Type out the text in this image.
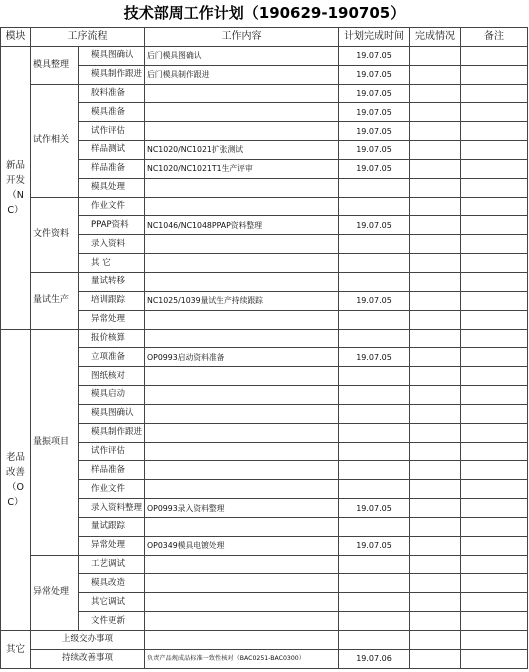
技术部周工作计划（190629-190705）
模块	工序流程		工作内容	计划完成时间	完成情况	备注
新品开发（NC）	模具整理	模具图确认	后门模具图确认	19.07.05		
		模具制作跟进	后门模具制作跟进	19.07.05		
	试作相关	胶料准备		19.07.05		
		模具准备		19.07.05		
		试作评估		19.07.05		
		样品测试	NC1020/NC1021扩张测试	19.07.05		
		样品准备	NC1020/NC1021T1生产评审	19.07.05		
		模具处理				
	文件资料	作业文件				
		PPAP资料	NC1046/NC1048PPAP资料整理	19.07.05		
		录入资料				
		其 它				
	量试生产	量试转移				
		培训跟踪	NC1025/1039量试生产持续跟踪	19.07.05		
		异常处理				
老品改善（OC）	量振项目	报价核算				
		立项准备	OP0993启动资料准备	19.07.05		
		图纸核对				
		模具启动				
		模具图确认				
		模具制作跟进				
		试作评估				
		样品准备				
		作业文件				
		录入资料整理	OP0993录入资料整理	19.07.05		
		量试跟踪				
		异常处理	OP0349模具电镀处理	19.07.05		
	异常处理	工艺调试				
		模具改造				
		其它调试				
		文件更新				
其它	上级交办事项					
	持续改善事项		负责产品规成品标准一致性核对（BAC0251-BAC0300）	19.07.06		
